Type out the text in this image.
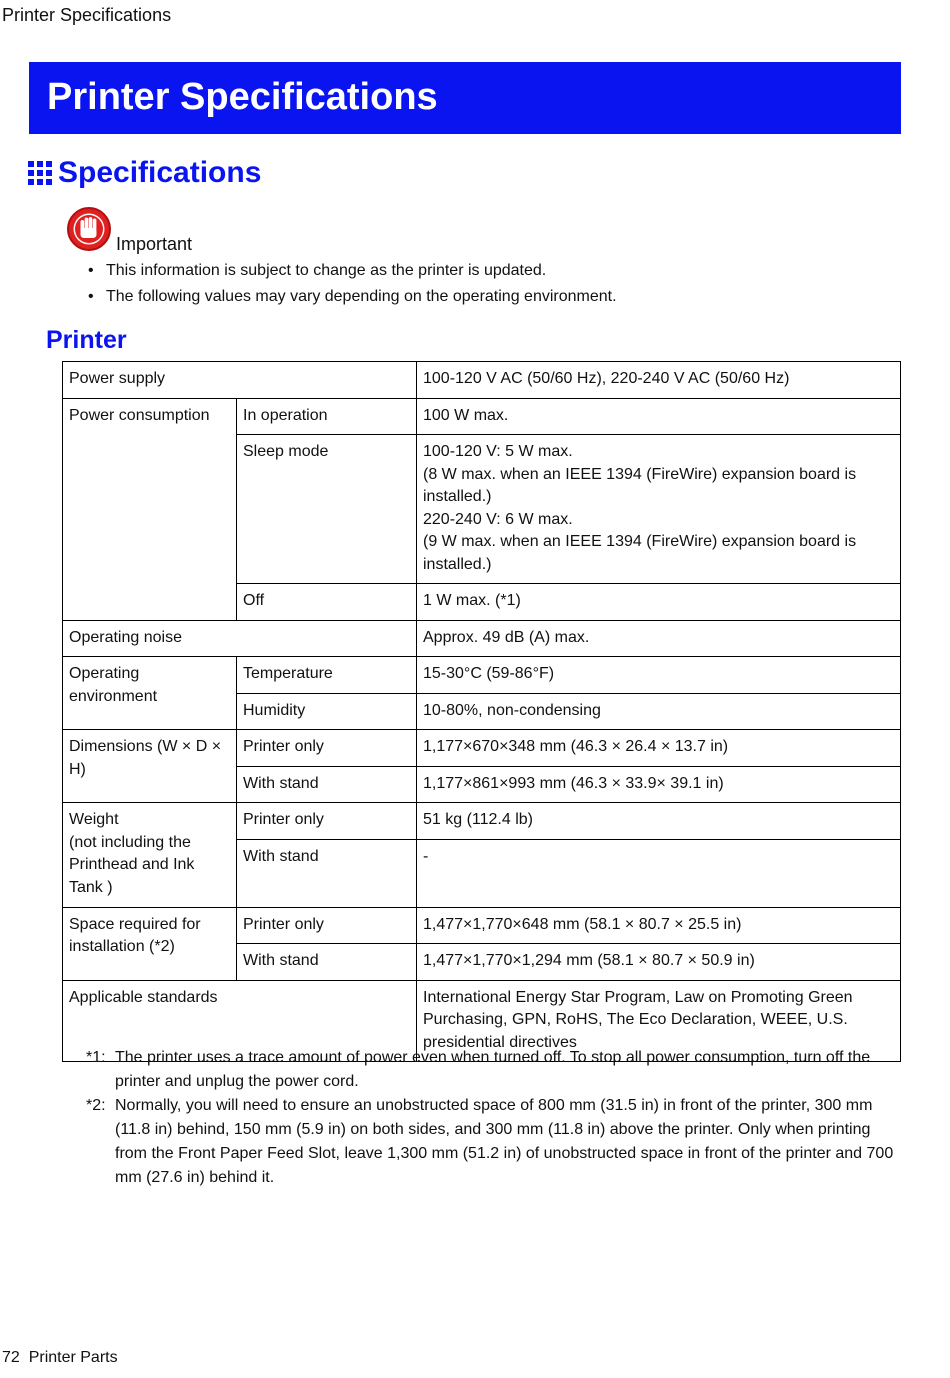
Printer Specifications
Printer Specifications
Specifications
Important
• This information is subject to change as the printer is updated.
• The following values may vary depending on the operating environment.
Printer
Power supply		100-120 V AC (50/60 Hz), 220-240 V AC (50/60 Hz)
Power consumption	In operation	100 W max.
	Sleep mode	100-120 V: 5 W max.
(8 W max. when an IEEE 1394 (FireWire) expansion board is installed.)
220-240 V: 6 W max.
(9 W max. when an IEEE 1394 (FireWire) expansion board is installed.)

	Off	1 W max. (*1)
Operating noise		Approx. 49 dB (A) max.
Operating environment	Temperature	15-30°C (59-86°F)
	Humidity	10-80%, non-condensing
Dimensions (W × D × H)	Printer only	1,177×670×348 mm (46.3 × 26.4 × 13.7 in)
	With stand	1,177×861×993 mm (46.3 × 33.9× 39.1 in)

Weight
(not including the Printhead and Ink Tank )	Printer only	51 kg (112.4 lb)
	With stand	-
Space required for installation (*2)	Printer only	1,477×1,770×648 mm (58.1 × 80.7 × 25.5 in)
	With stand	1,477×1,770×1,294 mm (58.1 × 80.7 × 50.9 in)
Applicable standards		International Energy Star Program, Law on Promoting Green Purchasing, GPN, RoHS, The Eco Declaration, WEEE, U.S. presidential directives
*1: The printer uses a trace amount of power even when turned off. To stop all power consumption, turn off the printer and unplug the power cord.
*2: Normally, you will need to ensure an unobstructed space of 800 mm (31.5 in) in front of the printer, 300 mm (11.8 in) behind, 150 mm (5.9 in) on both sides, and 300 mm (11.8 in) above the printer. Only when printing from the Front Paper Feed Slot, leave 1,300 mm (51.2 in) of unobstructed space in front of the printer and 700 mm (27.6 in) behind it.
72 Printer Parts
